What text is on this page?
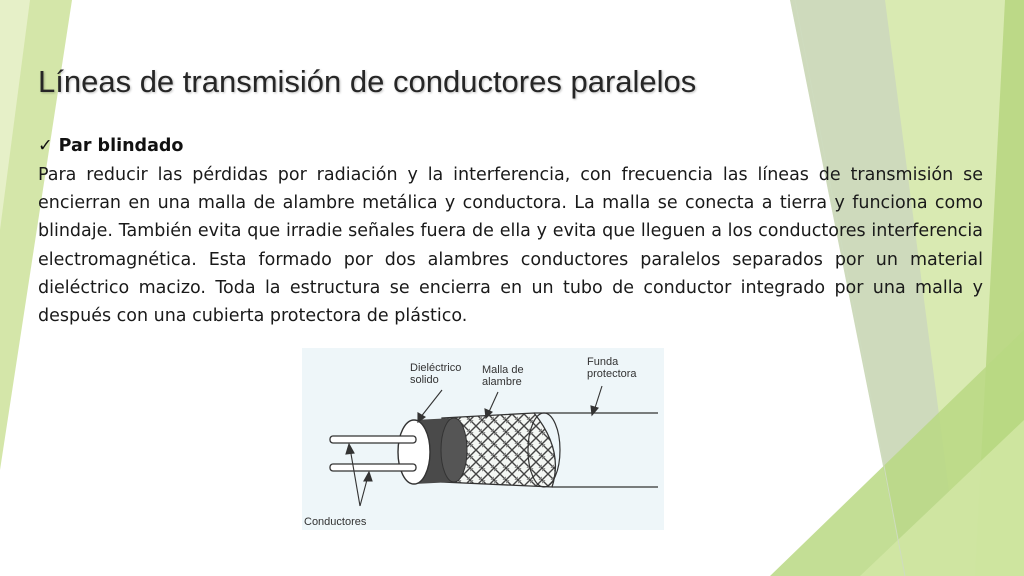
Líneas de transmisión de conductores paralelos
✓ Par blindado
Para reducir las pérdidas por radiación y la interferencia, con frecuencia las líneas de transmisión se encierran en una malla de alambre metálica y conductora. La malla se conecta a tierra y funciona como blindaje. También evita que irradie señales fuera de ella y evita que lleguen a los conductores interferencia electromagnética. Esta formado por dos alambres conductores paralelos separados por un material dieléctrico macizo. Toda la estructura se encierra en un tubo de conductor integrado por una malla y después con una cubierta protectora de plástico.
Dieléctrico
solido
Malla de
alambre
Funda
protectora
Conductores
